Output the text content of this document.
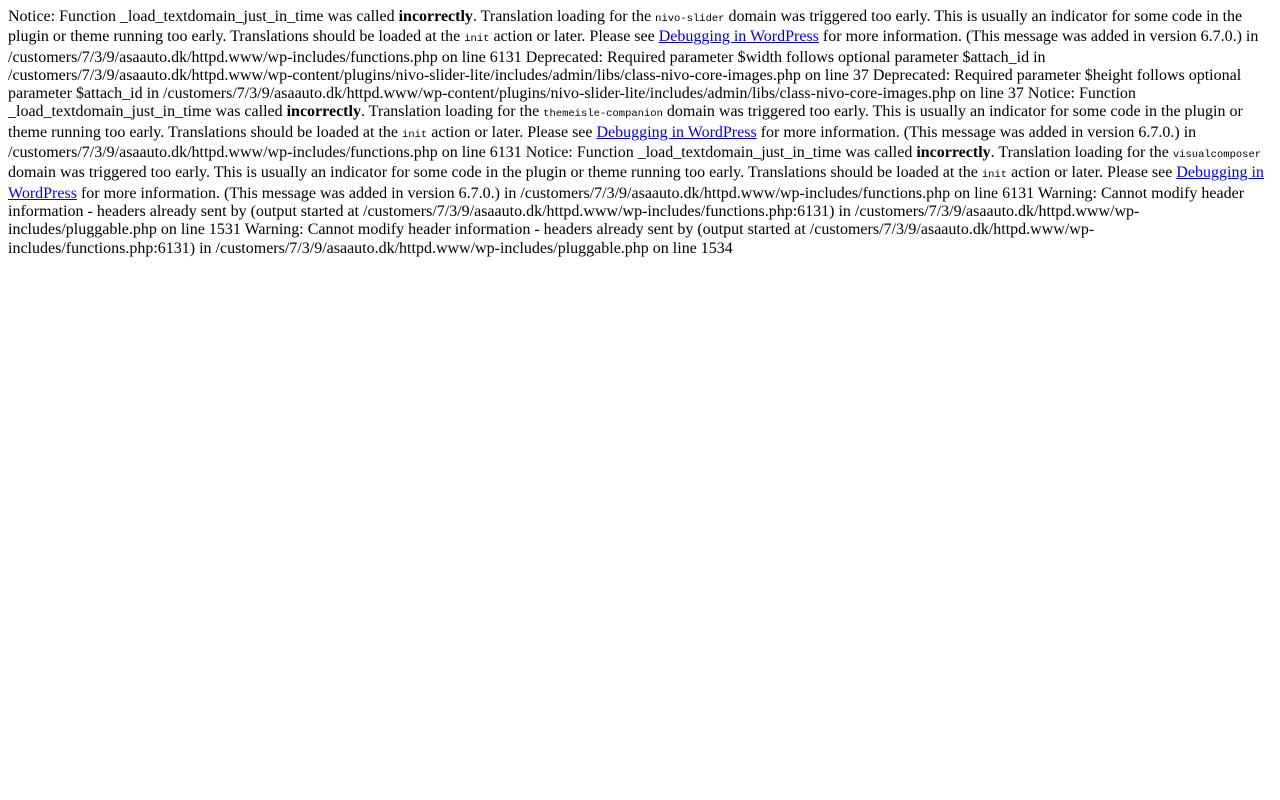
Notice: Function _load_textdomain_just_in_time was called incorrectly. Translation loading for the nivo-slider domain was triggered too early. This is usually an indicator for some code in the plugin or theme running too early. Translations should be loaded at the init action or later. Please see Debugging in WordPress for more information. (This message was added in version 6.7.0.) in /customers/7/3/9/asaauto.dk/httpd.www/wp-includes/functions.php on line 6131 Deprecated: Required parameter $width follows optional parameter $attach_id in /customers/7/3/9/asaauto.dk/httpd.www/wp-content/plugins/nivo-slider-lite/includes/admin/libs/class-nivo-core-images.php on line 37 Deprecated: Required parameter $height follows optional parameter $attach_id in /customers/7/3/9/asaauto.dk/httpd.www/wp-content/plugins/nivo-slider-lite/includes/admin/libs/class-nivo-core-images.php on line 37 Notice: Function _load_textdomain_just_in_time was called incorrectly. Translation loading for the themeisle-companion domain was triggered too early. This is usually an indicator for some code in the plugin or theme running too early. Translations should be loaded at the init action or later. Please see Debugging in WordPress for more information. (This message was added in version 6.7.0.) in /customers/7/3/9/asaauto.dk/httpd.www/wp-includes/functions.php on line 6131 Notice: Function _load_textdomain_just_in_time was called incorrectly. Translation loading for the visualcomposer domain was triggered too early. This is usually an indicator for some code in the plugin or theme running too early. Translations should be loaded at the init action or later. Please see Debugging in WordPress for more information. (This message was added in version 6.7.0.) in /customers/7/3/9/asaauto.dk/httpd.www/wp-includes/functions.php on line 6131 Warning: Cannot modify header information - headers already sent by (output started at /customers/7/3/9/asaauto.dk/httpd.www/wp-includes/functions.php:6131) in /customers/7/3/9/asaauto.dk/httpd.www/wp-includes/pluggable.php on line 1531 Warning: Cannot modify header information - headers already sent by (output started at /customers/7/3/9/asaauto.dk/httpd.www/wp-includes/functions.php:6131) in /customers/7/3/9/asaauto.dk/httpd.www/wp-includes/pluggable.php on line 1534
